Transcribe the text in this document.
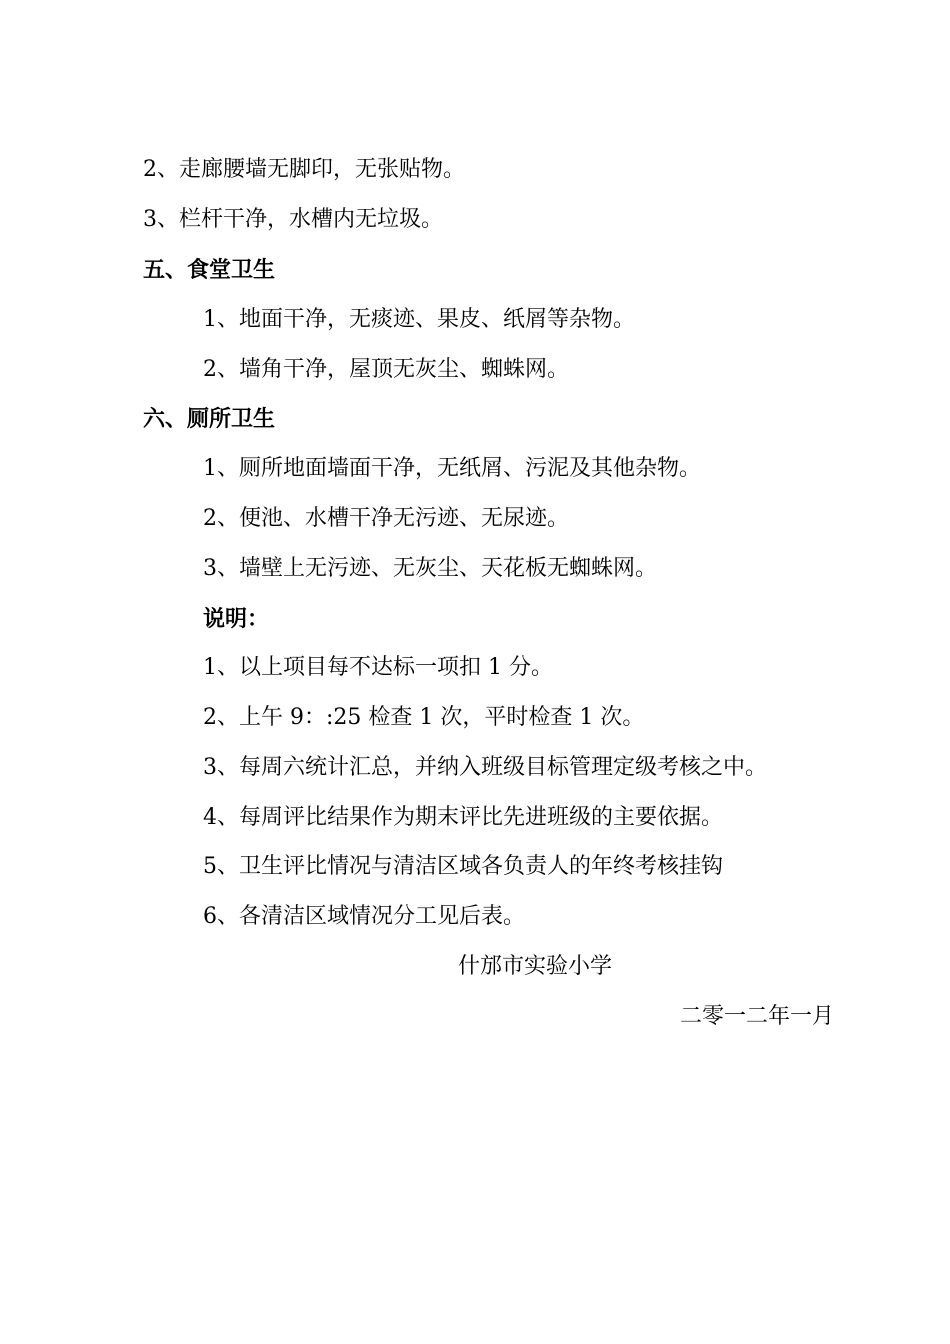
2、走廊腰墙无脚印，无张贴物。
3、栏杆干净，水槽内无垃圾。
五、食堂卫生
1、地面干净，无痰迹、果皮、纸屑等杂物。
2、墙角干净，屋顶无灰尘、蜘蛛网。
六、厕所卫生
1、厕所地面墙面干净，无纸屑、污泥及其他杂物。
2、便池、水槽干净无污迹、无尿迹。
3、墙壁上无污迹、无灰尘、天花板无蜘蛛网。
说明：
1、以上项目每不达标一项扣 1 分。
2、上午 9：:25 检查 1 次，平时检查 1 次。
3、每周六统计汇总，并纳入班级目标管理定级考核之中。
4、每周评比结果作为期末评比先进班级的主要依据。
5、卫生评比情况与清洁区域各负责人的年终考核挂钩
6、各清洁区域情况分工见后表。
什邡市实验小学
二零一二年一月
